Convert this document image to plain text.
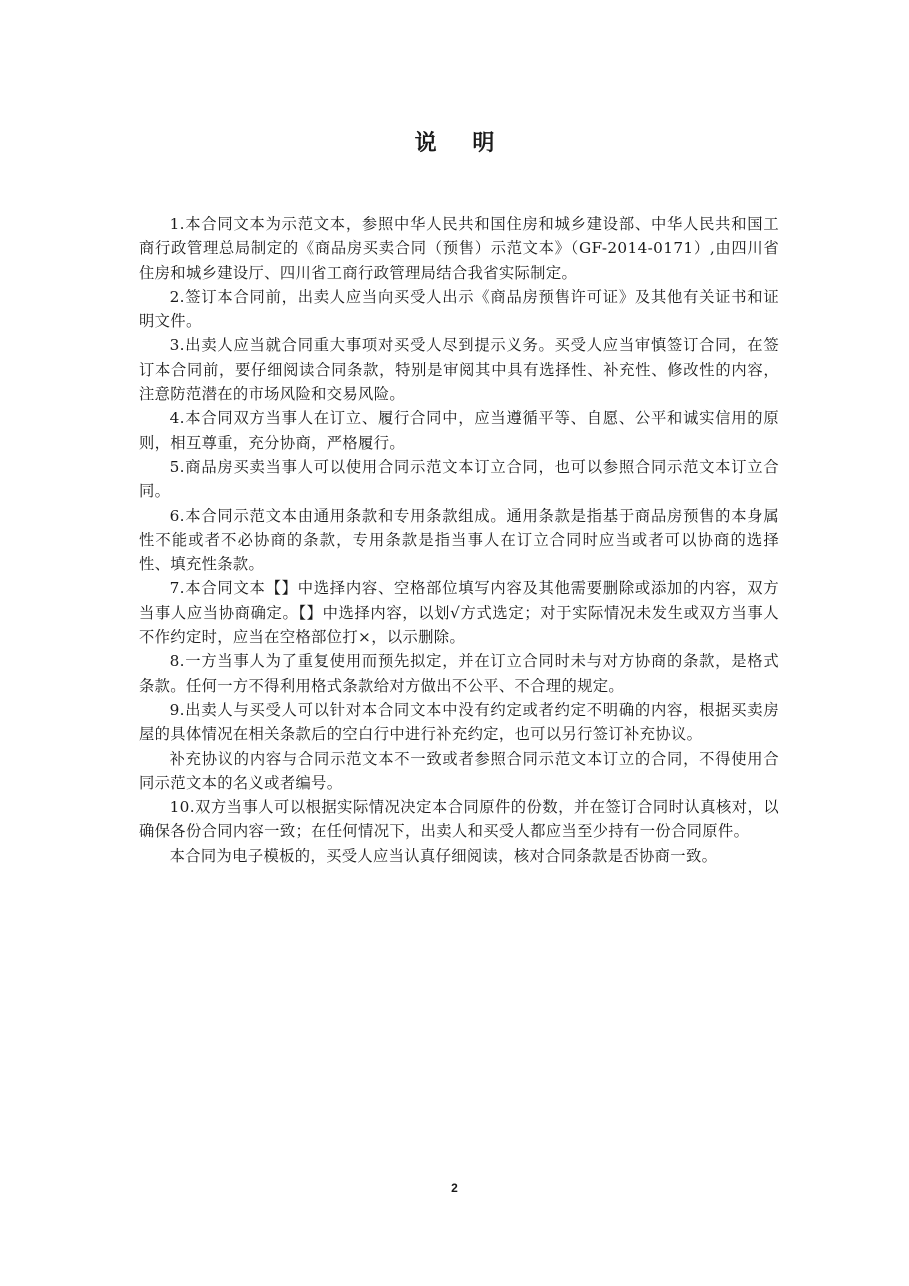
说 明

1.本合同文本为示范文本，参照中华人民共和国住房和城乡建设部、中华人民共和国工商行政管理总局制定的《商品房买卖合同（预售）示范文本》（GF-2014-0171）,由四川省住房和城乡建设厅、四川省工商行政管理局结合我省实际制定。

2.签订本合同前，出卖人应当向买受人出示《商品房预售许可证》及其他有关证书和证明文件。

3.出卖人应当就合同重大事项对买受人尽到提示义务。买受人应当审慎签订合同，在签订本合同前，要仔细阅读合同条款，特别是审阅其中具有选择性、补充性、修改性的内容，注意防范潜在的市场风险和交易风险。

4.本合同双方当事人在订立、履行合同中，应当遵循平等、自愿、公平和诚实信用的原则，相互尊重，充分协商，严格履行。

5.商品房买卖当事人可以使用合同示范文本订立合同，也可以参照合同示范文本订立合同。

6.本合同示范文本由通用条款和专用条款组成。通用条款是指基于商品房预售的本身属性不能或者不必协商的条款，专用条款是指当事人在订立合同时应当或者可以协商的选择性、填充性条款。

7.本合同文本【】中选择内容、空格部位填写内容及其他需要删除或添加的内容，双方当事人应当协商确定。【】中选择内容，以划√方式选定；对于实际情况未发生或双方当事人不作约定时，应当在空格部位打×，以示删除。

8.一方当事人为了重复使用而预先拟定，并在订立合同时未与对方协商的条款，是格式条款。任何一方不得利用格式条款给对方做出不公平、不合理的规定。

9.出卖人与买受人可以针对本合同文本中没有约定或者约定不明确的内容，根据买卖房屋的具体情况在相关条款后的空白行中进行补充约定，也可以另行签订补充协议。

补充协议的内容与合同示范文本不一致或者参照合同示范文本订立的合同，不得使用合同示范文本的名义或者编号。

10.双方当事人可以根据实际情况决定本合同原件的份数，并在签订合同时认真核对，以确保各份合同内容一致；在任何情况下，出卖人和买受人都应当至少持有一份合同原件。

本合同为电子模板的，买受人应当认真仔细阅读，核对合同条款是否协商一致。

2
